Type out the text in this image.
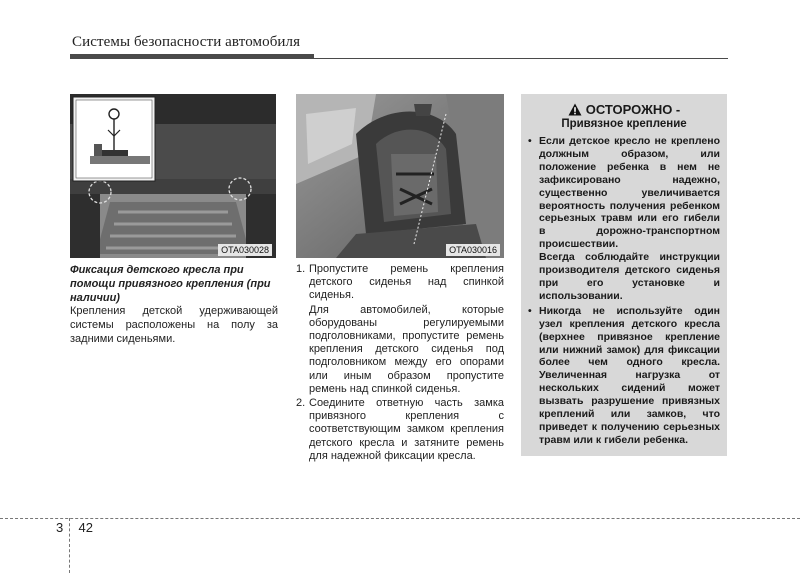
Системы безопасности автомобиля
OTA030028	OTA030016
Фиксация детского кресла при помощи привязного крепления (при наличии)
Крепления детской удерживающей системы расположены на полу за задними сиденьями.
1. Пропустите ремень крепления детского сиденья над спинкой сиденья.

Для автомобилей, которые оборудованы регулируемыми подголовниками, пропустите ремень крепления детского сиденья под подголовником между его опорами или иным образом пропустите ремень над спинкой сиденья.

2. Соедините ответную часть замка привязного крепления с соответствующим замком крепления детского кресла и затяните ремень для надежной фиксации кресла.

ОСТОРОЖНО -
Привязное крепление
• Если детское кресло не креплено должным образом, или положение ребенка в нем не зафиксировано надежно, существенно увеличивается вероятность получения ребенком серьезных травм или его гибели в дорожно-транспортном происшествии.

Всегда соблюдайте инструкции производителя детского сиденья при его установке и использовании.

• Никогда не используйте один узел крепления детского кресла (верхнее привязное крепление или нижний замок) для фиксации более чем одного кресла. Увеличенная нагрузка от нескольких сидений может вызвать разрушение привязных креплений или замков, что приведет к получению серьезных травм или к гибели ребенка.

3 42
